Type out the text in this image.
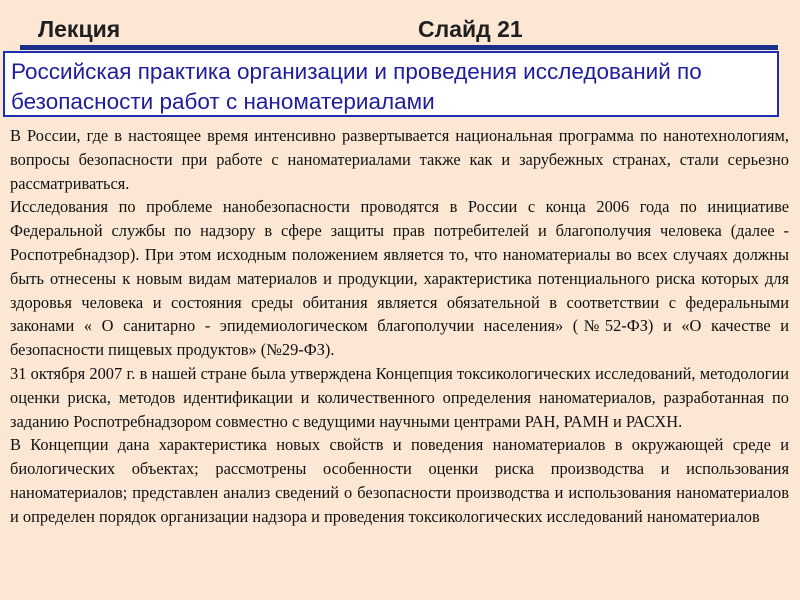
Лекция	Слайд 21
Российская практика организации и проведения исследований по безопасности работ с наноматериалами

В России, где в настоящее время интенсивно развертывается национальная программа по нанотехнологиям, вопросы безопасности при работе с наноматериалами также как и зарубежных странах, стали серьезно рассматриваться.

Исследования по проблеме нанобезопасности проводятся в России с конца 2006 года по инициативе Федеральной службы по надзору в сфере защиты прав потребителей и благополучия человека (далее - Роспотребнадзор). При этом исходным положением является то, что наноматериалы во всех случаях должны быть отнесены к новым видам материалов и продукции, характеристика потенциального риска которых для здоровья человека и состояния среды обитания является обязательной в соответствии с федеральными законами « О санитарно - эпидемиологическом благополучии населения» (№52-ФЗ) и «О качестве и безопасности пищевых продуктов» (№29-ФЗ).

31 октября 2007 г. в нашей стране была утверждена Концепция токсикологических исследований, методологии оценки риска, методов идентификации и количественного определения наноматериалов, разработанная по заданию Роспотребнадзором совместно с ведущими научными центрами РАН, РАМН и РАСХН.

В Концепции дана характеристика новых свойств и поведения наноматериалов в окружающей среде и биологических объектах; рассмотрены особенности оценки риска производства и использования наноматериалов; представлен анализ сведений о безопасности производства и использования наноматериалов и определен порядок организации надзора и проведения токсикологических исследований наноматериалов
